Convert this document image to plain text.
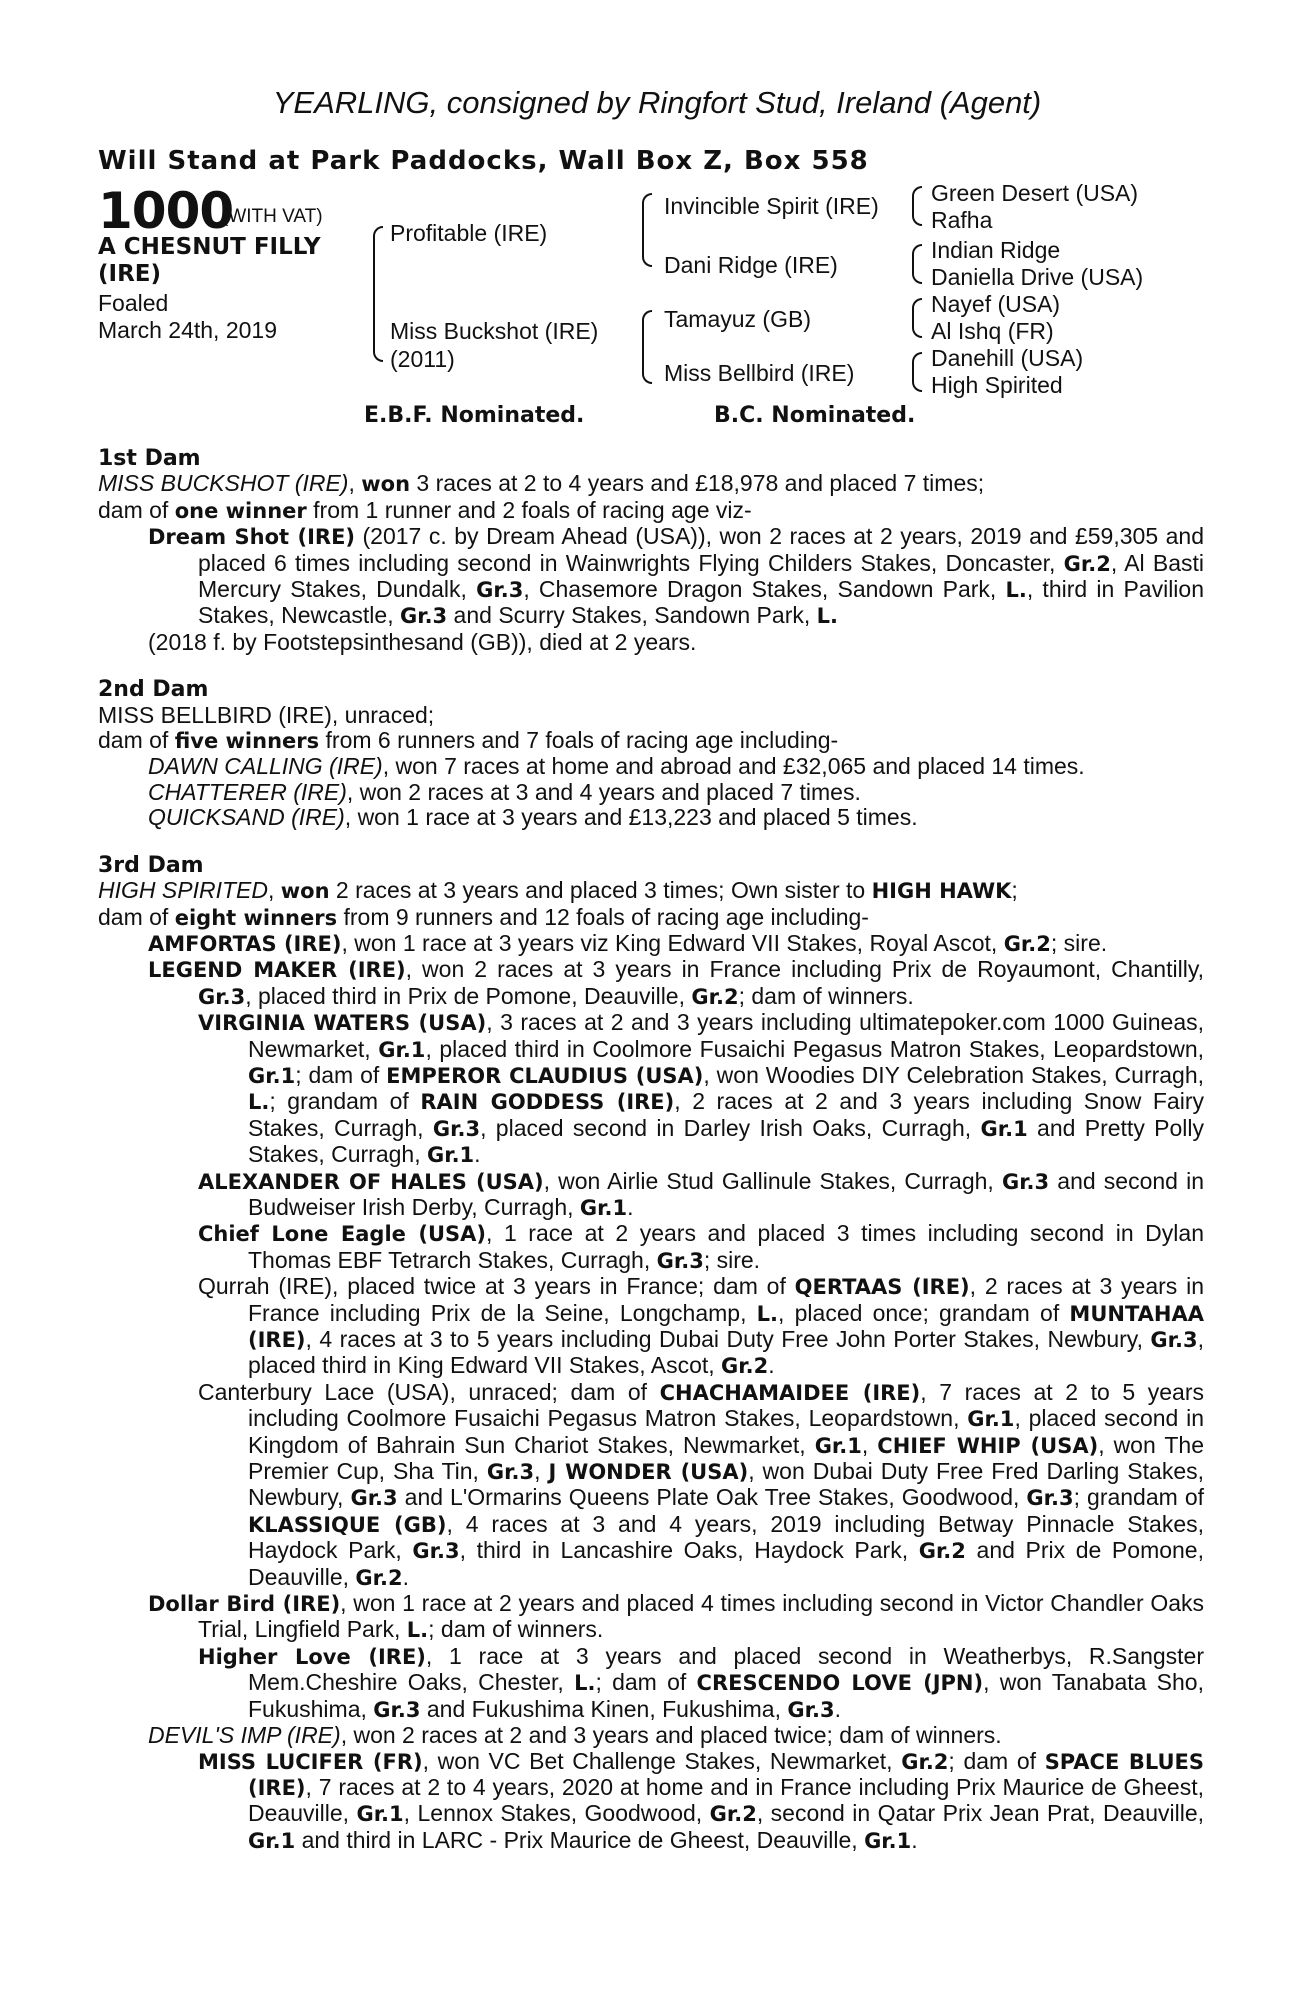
YEARLING, consigned by Ringfort Stud, Ireland (Agent)
Will Stand at Park Paddocks, Wall Box Z, Box 558
1000
(WITH VAT)
A CHESNUT FILLY
(IRE)
Foaled
March 24th, 2019
Profitable (IRE)
Miss Buckshot (IRE)
(2011)
Invincible Spirit (IRE)
Dani Ridge (IRE)
Tamayuz (GB)
Miss Bellbird (IRE)
Green Desert (USA)
Rafha
Indian Ridge
Daniella Drive (USA)
Nayef (USA)
Al Ishq (FR)
Danehill (USA)
High Spirited
E.B.F. Nominated.	B.C. Nominated.
1st Dam
MISS BUCKSHOT (IRE), won 3 races at 2 to 4 years and £18,978 and placed 7 times;
dam of one winner from 1 runner and 2 foals of racing age viz-
Dream Shot (IRE) (2017 c. by Dream Ahead (USA)), won 2 races at 2 years, 2019 and £59,305 and placed 6 times including second in Wainwrights Flying Childers Stakes, Doncaster, Gr.2, Al Basti Mercury Stakes, Dundalk, Gr.3, Chasemore Dragon Stakes, Sandown Park, L., third in Pavilion Stakes, Newcastle, Gr.3 and Scurry Stakes, Sandown Park, L.
(2018 f. by Footstepsinthesand (GB)), died at 2 years.
2nd Dam
MISS BELLBIRD (IRE), unraced;
dam of five winners from 6 runners and 7 foals of racing age including-
DAWN CALLING (IRE), won 7 races at home and abroad and £32,065 and placed 14 times.
CHATTERER (IRE), won 2 races at 3 and 4 years and placed 7 times.
QUICKSAND (IRE), won 1 race at 3 years and £13,223 and placed 5 times.
3rd Dam
HIGH SPIRITED, won 2 races at 3 years and placed 3 times; Own sister to HIGH HAWK;
dam of eight winners from 9 runners and 12 foals of racing age including-
AMFORTAS (IRE), won 1 race at 3 years viz King Edward VII Stakes, Royal Ascot, Gr.2; sire.
LEGEND MAKER (IRE), won 2 races at 3 years in France including Prix de Royaumont, Chantilly, Gr.3, placed third in Prix de Pomone, Deauville, Gr.2; dam of winners.
VIRGINIA WATERS (USA), 3 races at 2 and 3 years including ultimatepoker.com 1000 Guineas, Newmarket, Gr.1, placed third in Coolmore Fusaichi Pegasus Matron Stakes, Leopardstown, Gr.1; dam of EMPEROR CLAUDIUS (USA), won Woodies DIY Celebration Stakes, Curragh, L.; grandam of RAIN GODDESS (IRE), 2 races at 2 and 3 years including Snow Fairy Stakes, Curragh, Gr.3, placed second in Darley Irish Oaks, Curragh, Gr.1 and Pretty Polly Stakes, Curragh, Gr.1.
ALEXANDER OF HALES (USA), won Airlie Stud Gallinule Stakes, Curragh, Gr.3 and second in Budweiser Irish Derby, Curragh, Gr.1.
Chief Lone Eagle (USA), 1 race at 2 years and placed 3 times including second in Dylan Thomas EBF Tetrarch Stakes, Curragh, Gr.3; sire.
Qurrah (IRE), placed twice at 3 years in France; dam of QERTAAS (IRE), 2 races at 3 years in France including Prix de la Seine, Longchamp, L., placed once; grandam of MUNTAHAA (IRE), 4 races at 3 to 5 years including Dubai Duty Free John Porter Stakes, Newbury, Gr.3, placed third in King Edward VII Stakes, Ascot, Gr.2.
Canterbury Lace (USA), unraced; dam of CHACHAMAIDEE (IRE), 7 races at 2 to 5 years including Coolmore Fusaichi Pegasus Matron Stakes, Leopardstown, Gr.1, placed second in Kingdom of Bahrain Sun Chariot Stakes, Newmarket, Gr.1, CHIEF WHIP (USA), won The Premier Cup, Sha Tin, Gr.3, J WONDER (USA), won Dubai Duty Free Fred Darling Stakes, Newbury, Gr.3 and L'Ormarins Queens Plate Oak Tree Stakes, Goodwood, Gr.3; grandam of KLASSIQUE (GB), 4 races at 3 and 4 years, 2019 including Betway Pinnacle Stakes, Haydock Park, Gr.3, third in Lancashire Oaks, Haydock Park, Gr.2 and Prix de Pomone, Deauville, Gr.2.
Dollar Bird (IRE), won 1 race at 2 years and placed 4 times including second in Victor Chandler Oaks Trial, Lingfield Park, L.; dam of winners.
Higher Love (IRE), 1 race at 3 years and placed second in Weatherbys, R.Sangster Mem.Cheshire Oaks, Chester, L.; dam of CRESCENDO LOVE (JPN), won Tanabata Sho, Fukushima, Gr.3 and Fukushima Kinen, Fukushima, Gr.3.
DEVIL'S IMP (IRE), won 2 races at 2 and 3 years and placed twice; dam of winners.
MISS LUCIFER (FR), won VC Bet Challenge Stakes, Newmarket, Gr.2; dam of SPACE BLUES (IRE), 7 races at 2 to 4 years, 2020 at home and in France including Prix Maurice de Gheest, Deauville, Gr.1, Lennox Stakes, Goodwood, Gr.2, second in Qatar Prix Jean Prat, Deauville, Gr.1 and third in LARC - Prix Maurice de Gheest, Deauville, Gr.1.
